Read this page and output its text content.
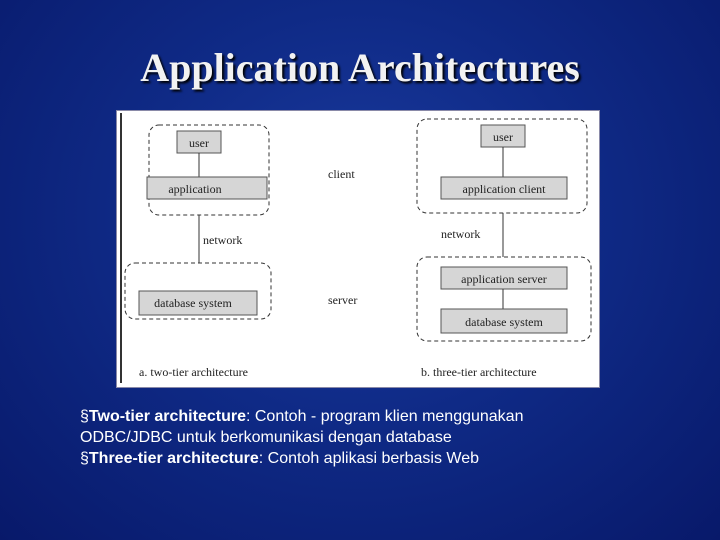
Application Architectures
user
application
network
database system
a. two-tier architecture
client
server
user
application client
network
application server
database system
b. three-tier architecture

§Two-tier architecture: Contoh - program klien menggunakan

ODBC/JDBC untuk berkomunikasi dengan database

§Three-tier architecture: Contoh aplikasi berbasis Web
